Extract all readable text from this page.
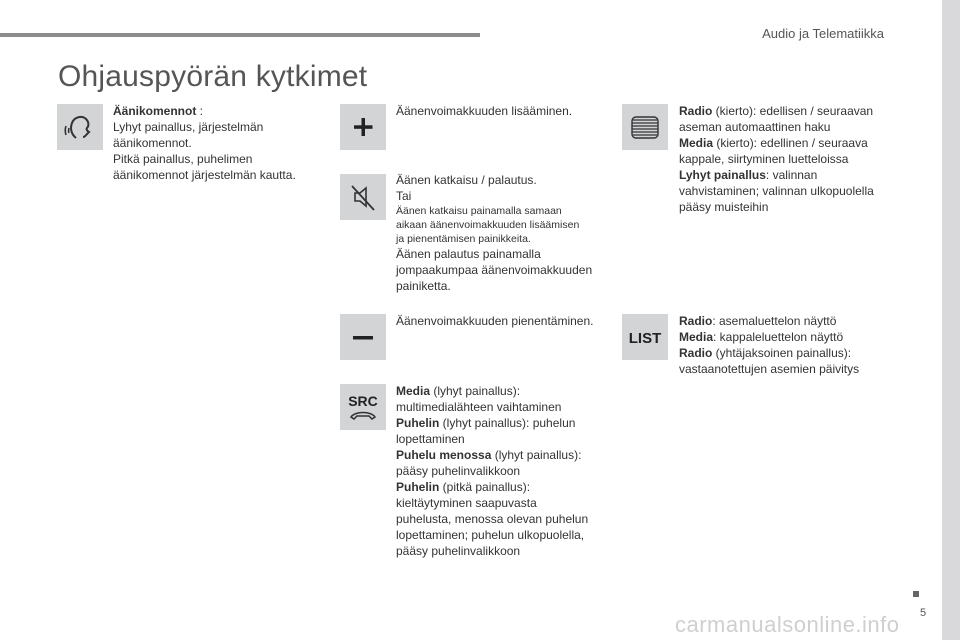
Audio ja Telematiikka
Ohjauspyörän kytkimet
Äänikomennot :
Lyhyt painallus, järjestelmän
äänikomennot.
Pitkä painallus, puhelimen
äänikomennot järjestelmän kautta.
Äänenvoimakkuuden lisääminen.
Äänen katkaisu / palautus.
Tai
Äänen katkaisu painamalla samaan
aikaan äänenvoimakkuuden lisäämisen
ja pienentämisen painikkeita.
Äänen palautus painamalla
jompaakumpaa äänenvoimakkuuden
painiketta.
Äänenvoimakkuuden pienentäminen.
SRC
Media (lyhyt painallus):
multimedialähteen vaihtaminen
Puhelin (lyhyt painallus): puhelun
lopettaminen
Puhelu menossa (lyhyt painallus):
pääsy puhelinvalikkoon
Puhelin (pitkä painallus):
kieltäytyminen saapuvasta
puhelusta, menossa olevan puhelun
lopettaminen; puhelun ulkopuolella,
pääsy puhelinvalikkoon
Radio (kierto): edellisen / seuraavan
aseman automaattinen haku
Media (kierto): edellinen / seuraava
kappale, siirtyminen luetteloissa
Lyhyt painallus: valinnan
vahvistaminen; valinnan ulkopuolella
pääsy muisteihin
LIST
Radio: asemaluettelon näyttö
Media: kappaleluettelon näyttö
Radio (yhtäjaksoinen painallus):
vastaanotettujen asemien päivitys
5
carmanualsonline.info
